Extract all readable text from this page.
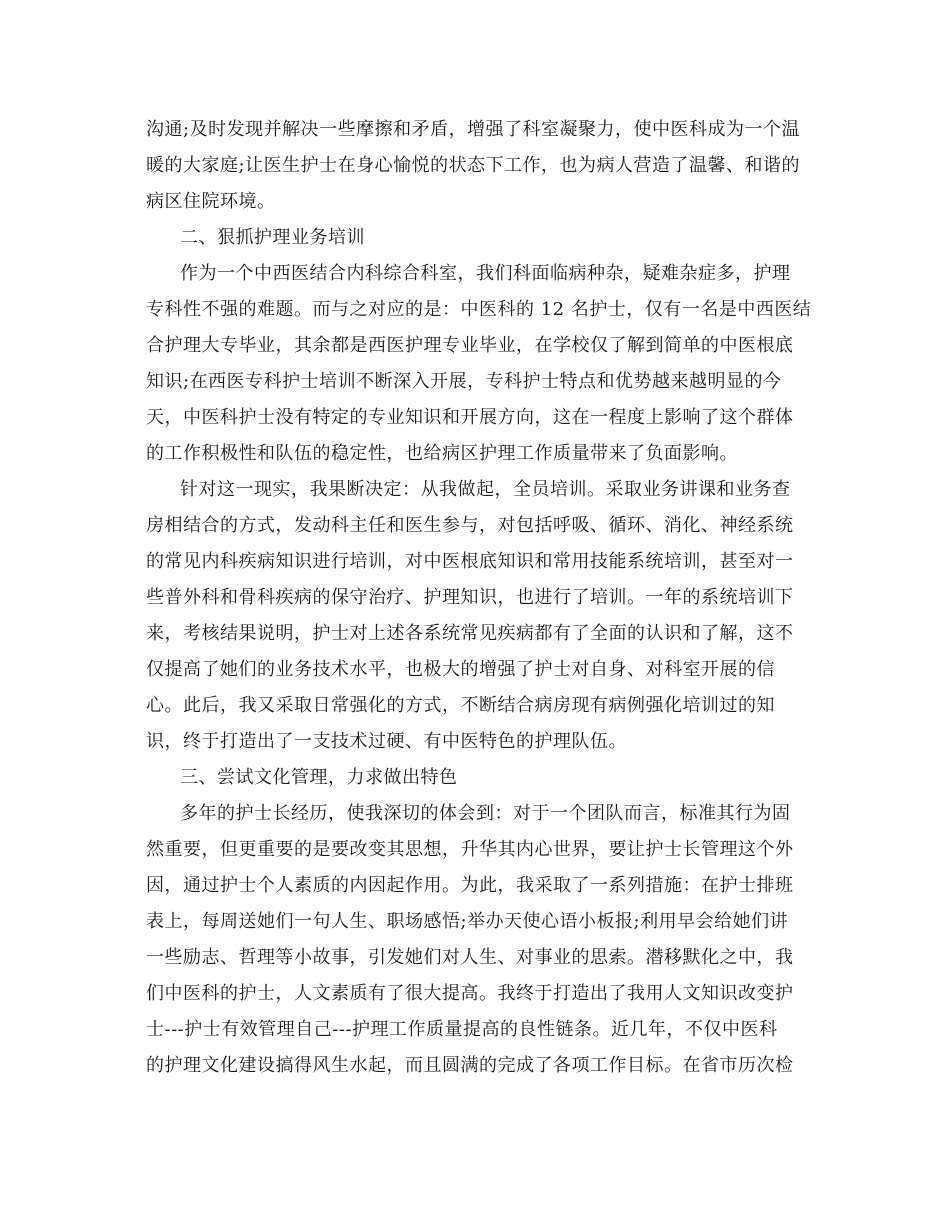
沟通;及时发现并解决一些摩擦和矛盾，增强了科室凝聚力，使中医科成为一个温
暖的大家庭;让医生护士在身心愉悦的状态下工作，也为病人营造了温馨、和谐的
病区住院环境。
二、狠抓护理业务培训
作为一个中西医结合内科综合科室，我们科面临病种杂，疑难杂症多，护理
专科性不强的难题。而与之对应的是：中医科的 12 名护士，仅有一名是中西医结
合护理大专毕业，其余都是西医护理专业毕业，在学校仅了解到简单的中医根底
知识;在西医专科护士培训不断深入开展，专科护士特点和优势越来越明显的今
天，中医科护士没有特定的专业知识和开展方向，这在一程度上影响了这个群体
的工作积极性和队伍的稳定性，也给病区护理工作质量带来了负面影响。
针对这一现实，我果断决定：从我做起，全员培训。采取业务讲课和业务查
房相结合的方式，发动科主任和医生参与，对包括呼吸、循环、消化、神经系统
的常见内科疾病知识进行培训，对中医根底知识和常用技能系统培训，甚至对一
些普外科和骨科疾病的保守治疗、护理知识，也进行了培训。一年的系统培训下
来，考核结果说明，护士对上述各系统常见疾病都有了全面的认识和了解，这不
仅提高了她们的业务技术水平，也极大的增强了护士对自身、对科室开展的信
心。此后，我又采取日常强化的方式，不断结合病房现有病例强化培训过的知
识，终于打造出了一支技术过硬、有中医特色的护理队伍。
三、尝试文化管理，力求做出特色
多年的护士长经历，使我深切的体会到：对于一个团队而言，标准其行为固
然重要，但更重要的是要改变其思想，升华其内心世界，要让护士长管理这个外
因，通过护士个人素质的内因起作用。为此，我采取了一系列措施：在护士排班
表上，每周送她们一句人生、职场感悟;举办天使心语小板报;利用早会给她们讲
一些励志、哲理等小故事，引发她们对人生、对事业的思索。潜移默化之中，我
们中医科的护士，人文素质有了很大提高。我终于打造出了我用人文知识改变护
士---护士有效管理自己---护理工作质量提高的良性链条。近几年，不仅中医科
的护理文化建设搞得风生水起，而且圆满的完成了各项工作目标。在省市历次检
